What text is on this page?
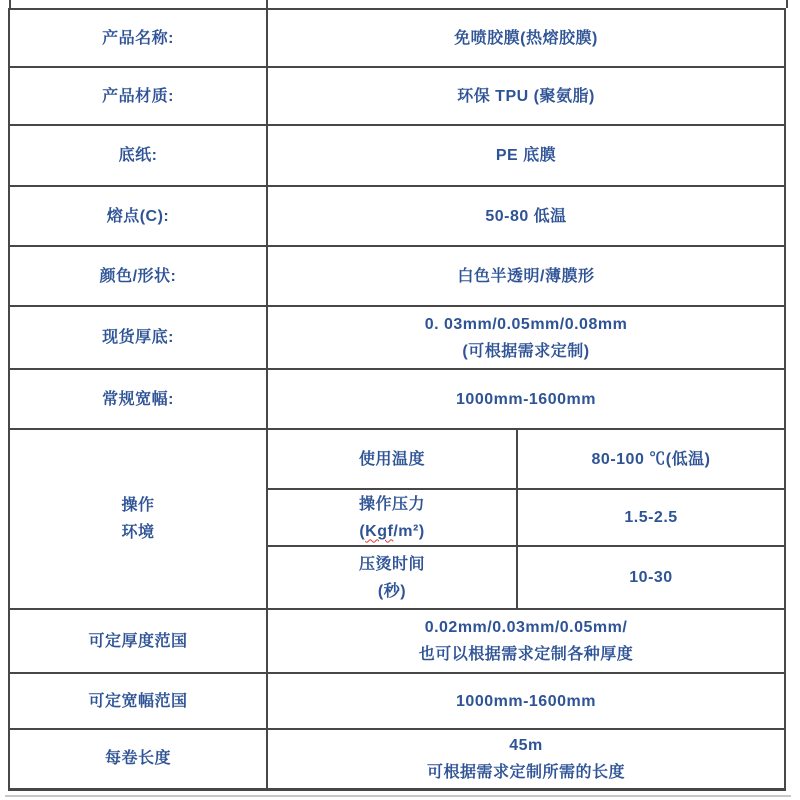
产品名称:	免喷胶膜(热熔胶膜)	

产品材质:	环保 TPU (聚氨脂)	

底纸:	PE 底膜	

熔点(C):	50-80 低温	

颜色/形状:	白色半透明/薄膜形	

现货厚底:	0. 03mm/0.05mm/0.08mm
(可根据需求定制)	

常规宽幅:	1000mm-1600mm	

操作
环境	使用温度	80-100 ℃(低温)

	操作压力
(Kgf/m²)	1.5-2.5

	压烫时间
(秒)	10-30

可定厚度范国	0.02mm/0.03mm/0.05mm/
也可以根据需求定制各种厚度	

可定宽幅范国	1000mm-1600mm	

每卷长度	45m
可根据需求定制所需的长度	
